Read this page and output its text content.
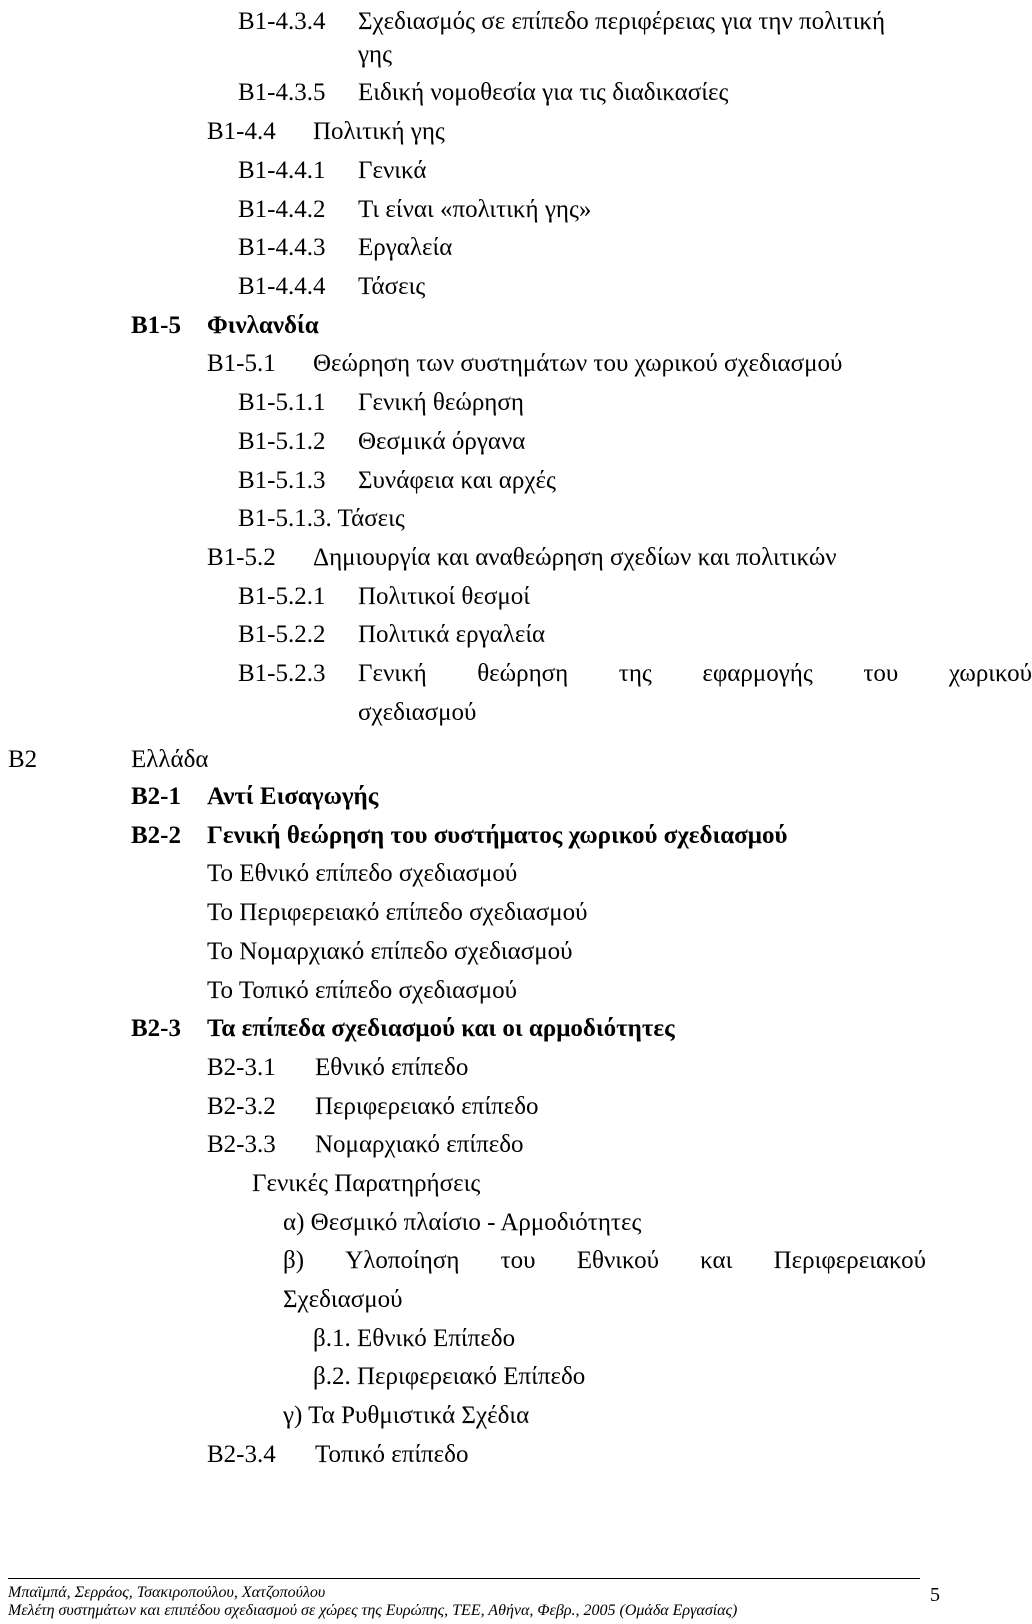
Β1-4.3.4 Σχεδιασμός σε επίπεδο περιφέρειας για την πολιτική
γης
Β1-4.3.5 Ειδική νομοθεσία για τις διαδικασίες
Β1-4.4 Πολιτική γης
Β1-4.4.1 Γενικά
Β1-4.4.2 Τι είναι «πολιτική γης»
Β1-4.4.3 Εργαλεία
Β1-4.4.4 Τάσεις
Β1-5 Φινλανδία
Β1-5.1 Θεώρηση των συστημάτων του χωρικού σχεδιασμού
Β1-5.1.1 Γενική θεώρηση
Β1-5.1.2 Θεσμικά όργανα
Β1-5.1.3 Συνάφεια και αρχές
Β1-5.1.3. Τάσεις
Β1-5.2 Δημιουργία και αναθεώρηση σχεδίων και πολιτικών
Β1-5.2.1 Πολιτικοί θεσμοί
Β1-5.2.2 Πολιτικά εργαλεία
Β1-5.2.3 Γενική θεώρηση της εφαρμογής του χωρικού
σχεδιασμού
Β2	Ελλάδα
Β2-1 Αντί Εισαγωγής
Β2-2 Γενική θεώρηση του συστήματος χωρικού σχεδιασμού
Το Εθνικό επίπεδο σχεδιασμού
Το Περιφερειακό επίπεδο σχεδιασμού
Το Νομαρχιακό επίπεδο σχεδιασμού
Το Τοπικό επίπεδο σχεδιασμού
Β2-3 Τα επίπεδα σχεδιασμού και οι αρμοδιότητες
Β2-3.1 Εθνικό επίπεδο
Β2-3.2 Περιφερειακό επίπεδο
Β2-3.3 Νομαρχιακό επίπεδο
Γενικές Παρατηρήσεις
α) Θεσμικό πλαίσιο - Αρμοδιότητες
β) Υλοποίηση του Εθνικού και Περιφερειακού
Σχεδιασμού
β.1. Εθνικό Επίπεδο
β.2. Περιφερειακό Επίπεδο
γ) Τα Ρυθμιστικά Σχέδια
Β2-3.4 Τοπικό επίπεδο
Μπαϊμπά, Σερράος, Τσακιροπούλου, Χατζοπούλου
Μελέτη συστημάτων και επιπέδου σχεδιασμού σε χώρες της Ευρώπης, ΤΕΕ, Αθήνα, Φεβρ., 2005 (Ομάδα Εργασίας)
5
